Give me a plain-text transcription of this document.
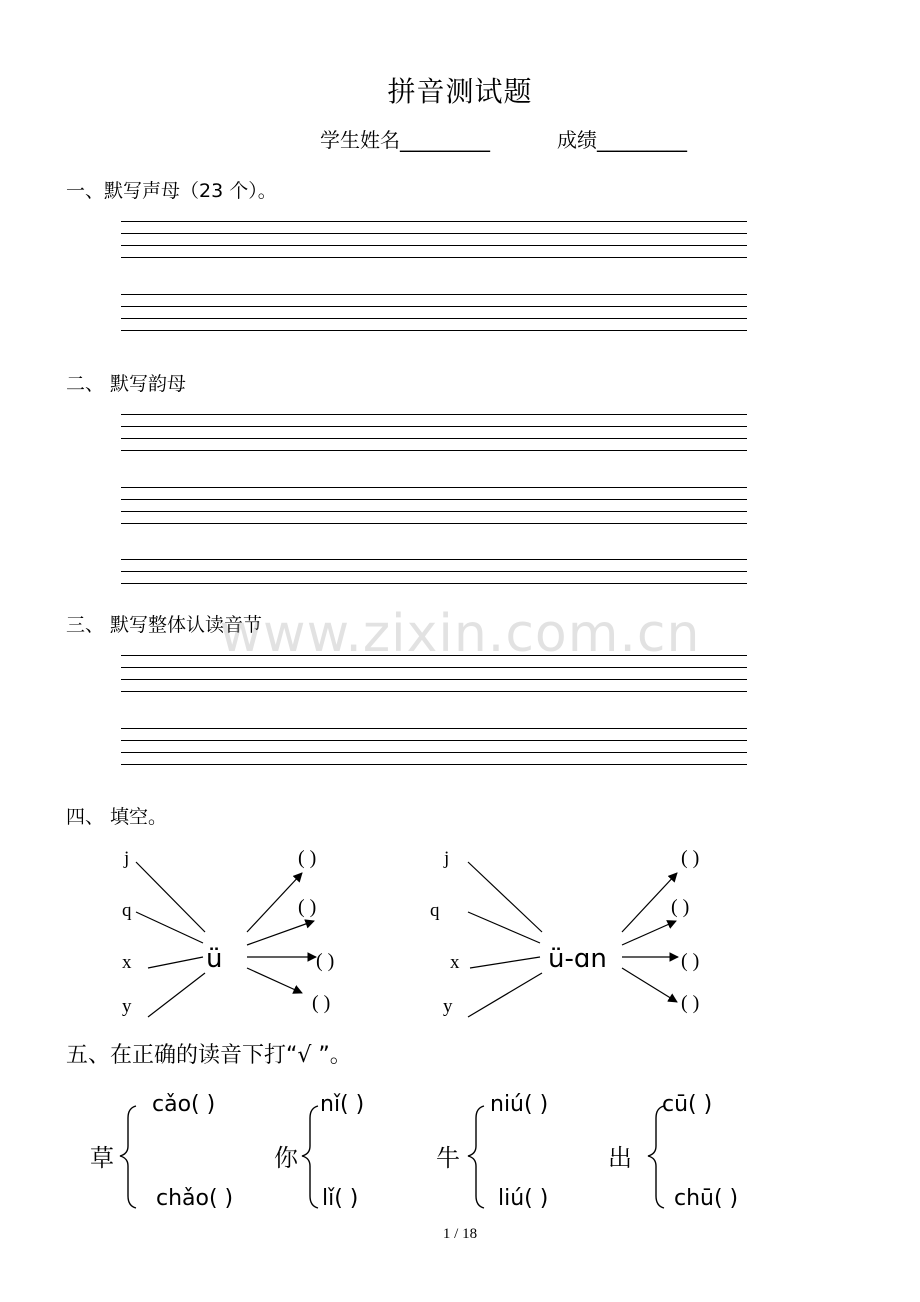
拼音测试题
学生姓名_________	成绩_________
一、默写声母（23 个）。
二、 默写韵母
三、 默写整体认读音节
www.zixin.com.cn
四、 填空。
j
q
x
y
ü
( )
( )
( )
( )
j
q
x
y
ü-ɑn
( )
( )
( )
( )
五、在正确的读音下打“√ ”。
草
cǎo( )
chǎo( )
你
nǐ( )
lǐ( )
牛
niú( )
liú( )
出
cū( )
chū( )
1 / 18
